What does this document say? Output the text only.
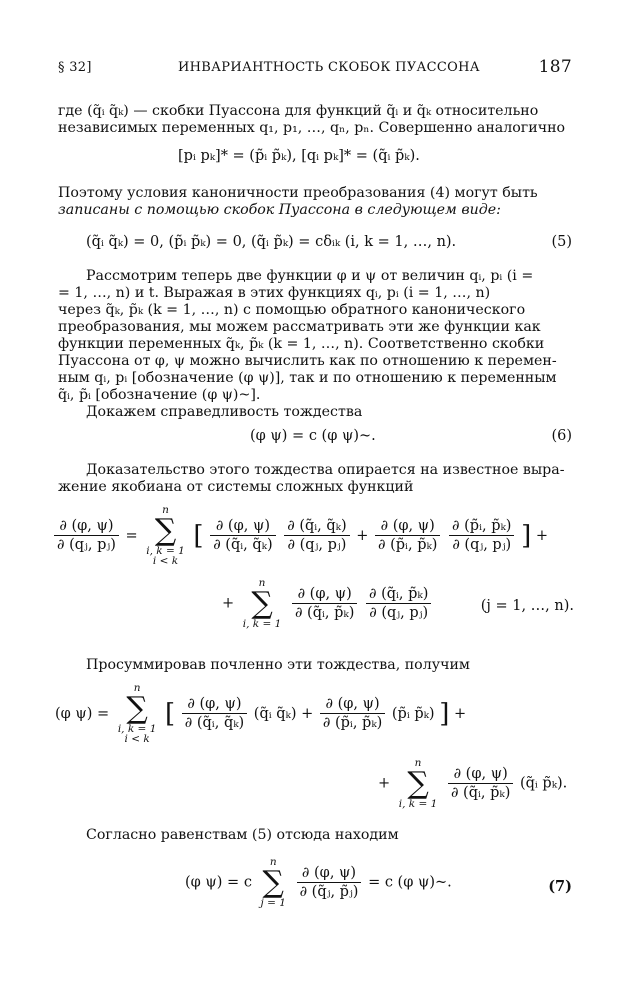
§ 32]	ИНВАРИАНТНОСТЬ СКОБОК ПУАССОНА	187
где (q̃ᵢ q̃ₖ) — скобки Пуассона для функций q̃ᵢ и q̃ₖ относительно
независимых переменных q₁, p₁, …, qₙ, pₙ. Совершенно аналогично
[pᵢ pₖ]* = (p̃ᵢ p̃ₖ), [qᵢ pₖ]* = (q̃ᵢ p̃ₖ).
Поэтому условия каноничности преобразования (4) могут быть
записаны с помощью скобок Пуассона в следующем виде:
(q̃ᵢ q̃ₖ) = 0, (p̃ᵢ p̃ₖ) = 0, (q̃ᵢ p̃ₖ) = cδᵢₖ (i, k = 1, …, n).	(5)
Рассмотрим теперь две функции φ и ψ от величин qᵢ, pᵢ (i =
= 1, …, n) и t. Выражая в этих функциях qᵢ, pᵢ (i = 1, …, n)
через q̃ₖ, p̃ₖ (k = 1, …, n) с помощью обратного канонического
преобразования, мы можем рассматривать эти же функции как
функции переменных q̃ₖ, p̃ₖ (k = 1, …, n). Соответственно скобки
Пуассона от φ, ψ можно вычислить как по отношению к перемен-
ным qᵢ, pᵢ [обозначение (φ ψ)], так и по отношению к переменным
q̃ᵢ, p̃ᵢ [обозначение (φ ψ)~].
Докажем справедливость тождества
(φ ψ) = c (φ ψ)~.	(6)
Доказательство этого тождества опирается на известное выра-
жение якобиана от системы сложных функций
$\frac{\partial (\varphi, \psi)}{\text{∂ (qⱼ, pⱼ)}}$ =
n
∑
i, k = 1
i < k
[ $\frac{\partial (\varphi, \psi)}{\text{∂ (q̃ᵢ, q̃ₖ)}}$
$\frac{\text{∂ (q̃ᵢ, q̃ₖ)}}{\text{∂ (qⱼ, pⱼ)}} + \frac{\partial (\varphi, \psi)}{\text{∂ (p̃ᵢ, p̃ₖ)}}$
$\frac{\text{∂ (p̃ᵢ, p̃ₖ)}}{\text{∂ (qⱼ, pⱼ)}}$ ] +
+
n
∑
i, k = 1

$\frac{\partial (\varphi, \psi)}{\text{∂ (q̃ᵢ, p̃ₖ)}}$
$\frac{\text{∂ (q̃ᵢ, p̃ₖ)}}{\text{∂ (qⱼ, pⱼ)}}$	(j = 1, …, n).
Просуммировав почленно эти тождества, получим
(φ ψ) =
n
∑
i, k = 1
i < k
[ $\frac{\partial (\varphi, \psi)}{\text{∂ (q̃ᵢ, q̃ₖ)}}$ (q̃ᵢ q̃ₖ) + $\frac{\partial (\varphi, \psi)}{\text{∂ (p̃ᵢ, p̃ₖ)}}$ (p̃ᵢ p̃ₖ) ] +
+
n
∑
i, k = 1

$\frac{\partial (\varphi, \psi)}{\text{∂ (q̃ᵢ, p̃ₖ)}}$ (q̃ᵢ p̃ₖ).
Согласно равенствам (5) отсюда находим
(φ ψ) = c
n
∑
j = 1

$\frac{\partial (\varphi, \psi)}{\text{∂ (q̃ⱼ, p̃ⱼ)}} = c$ (φ ψ)~.	(7)
